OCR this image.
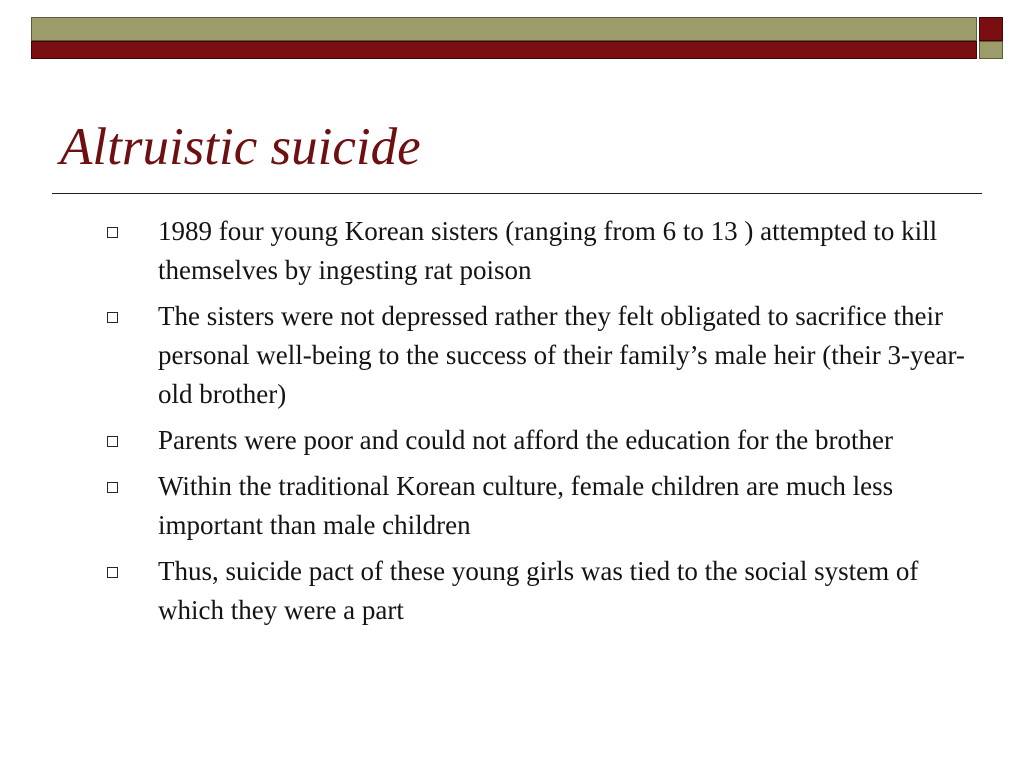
Altruistic suicide
1989 four young Korean sisters (ranging from 6 to 13 ) attempted to kill themselves by ingesting rat poison
The sisters were not depressed rather they felt obligated to sacrifice their personal well-being to the success of their family’s male heir (their 3-year-old brother)
Parents were poor and could not afford the education for the brother
Within the traditional Korean culture, female children are much less important than male children
Thus, suicide pact of these young girls was tied to the social system of which they were a part
